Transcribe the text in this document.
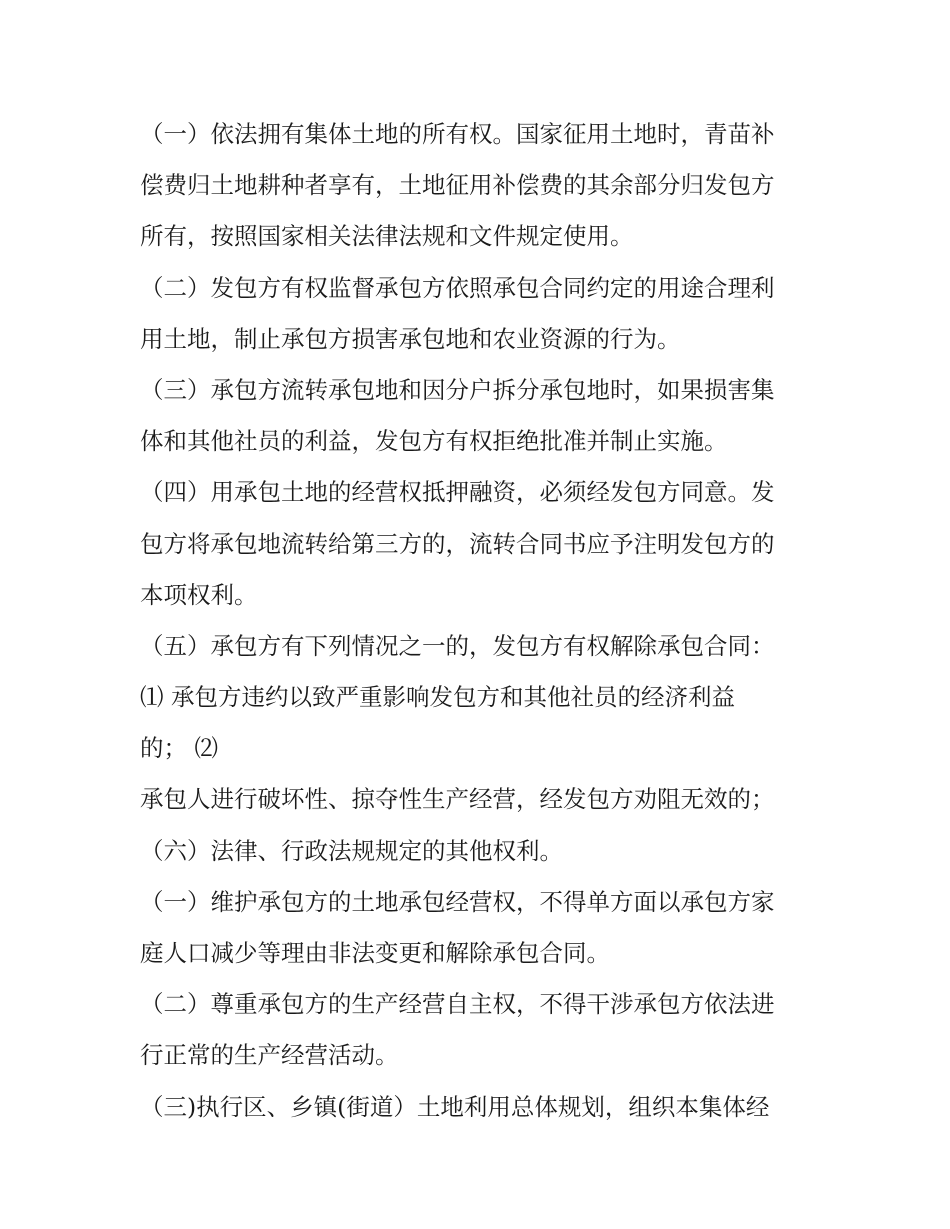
（一）依法拥有集体土地的所有权。国家征用土地时，青苗补
偿费归土地耕种者享有，土地征用补偿费的其余部分归发包方
所有，按照国家相关法律法规和文件规定使用。
（二）发包方有权监督承包方依照承包合同约定的用途合理利
用土地，制止承包方损害承包地和农业资源的行为。
（三）承包方流转承包地和因分户拆分承包地时，如果损害集
体和其他社员的利益，发包方有权拒绝批准并制止实施。
（四）用承包土地的经营权抵押融资，必须经发包方同意。发
包方将承包地流转给第三方的，流转合同书应予注明发包方的
本项权利。
（五）承包方有下列情况之一的，发包方有权解除承包合同：
⑴ 承包方违约以致严重影响发包方和其他社员的经济利益
的； ⑵
承包人进行破坏性、掠夺性生产经营，经发包方劝阻无效的；
（六）法律、行政法规规定的其他权利。
（一）维护承包方的土地承包经营权，不得单方面以承包方家
庭人口减少等理由非法变更和解除承包合同。
（二）尊重承包方的生产经营自主权，不得干涉承包方依法进
行正常的生产经营活动。
（三)执行区、乡镇(街道）土地利用总体规划，组织本集体经
